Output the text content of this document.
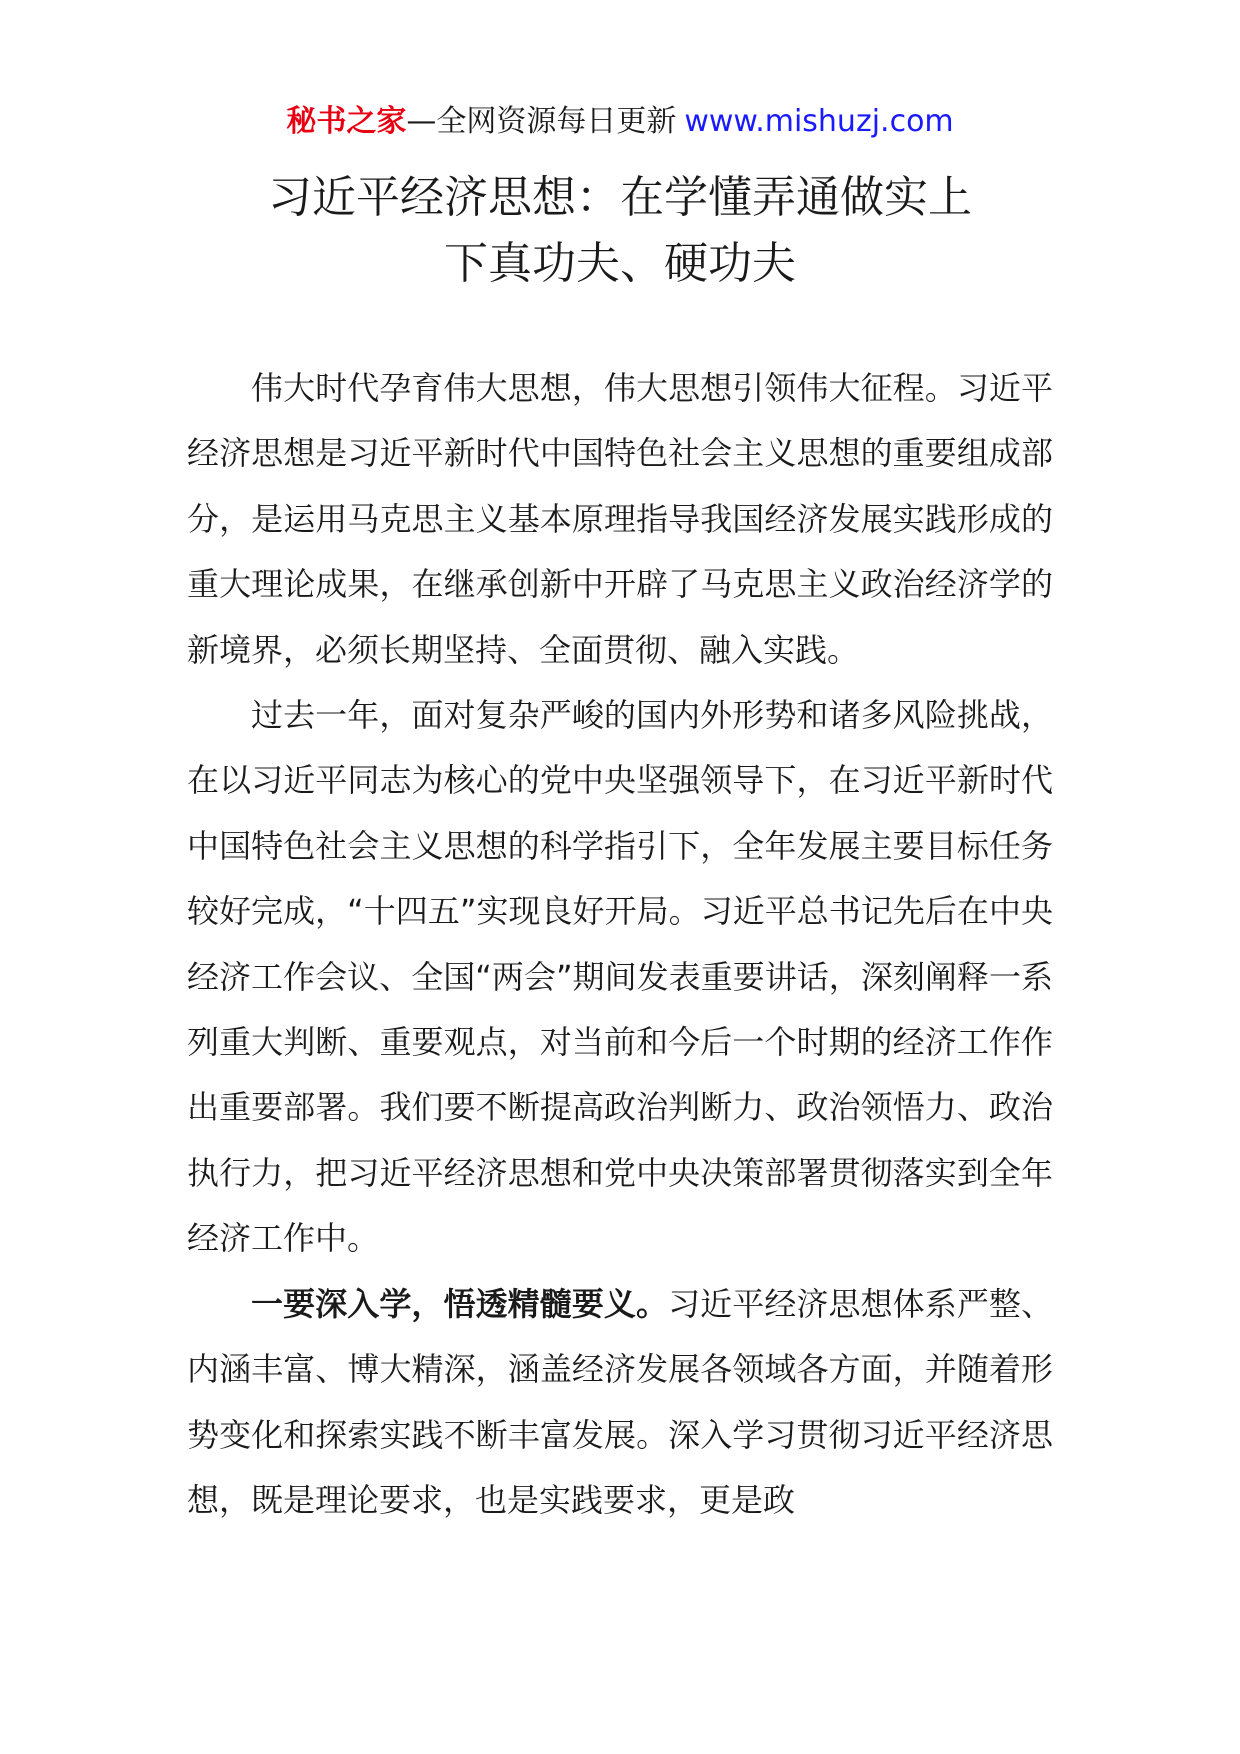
秘书之家—全网资源每日更新 www.mishuzj.com
习近平经济思想：在学懂弄通做实上
下真功夫、硬功夫

伟大时代孕育伟大思想，伟大思想引领伟大征程。习近平经济思想是习近平新时代中国特色社会主义思想的重要组成部分，是运用马克思主义基本原理指导我国经济发展实践形成的重大理论成果，在继承创新中开辟了马克思主义政治经济学的新境界，必须长期坚持、全面贯彻、融入实践。

过去一年，面对复杂严峻的国内外形势和诸多风险挑战，在以习近平同志为核心的党中央坚强领导下，在习近平新时代中国特色社会主义思想的科学指引下，全年发展主要目标任务较好完成，“十四五”实现良好开局。习近平总书记先后在中央经济工作会议、全国“两会”期间发表重要讲话，深刻阐释一系列重大判断、重要观点，对当前和今后一个时期的经济工作作出重要部署。我们要不断提高政治判断力、政治领悟力、政治执行力，把习近平经济思想和党中央决策部署贯彻落实到全年经济工作中。

一要深入学，悟透精髓要义。习近平经济思想体系严整、内涵丰富、博大精深，涵盖经济发展各领域各方面，并随着形势变化和探索实践不断丰富发展。深入学习贯彻习近平经济思想，既是理论要求，也是实践要求，更是政
